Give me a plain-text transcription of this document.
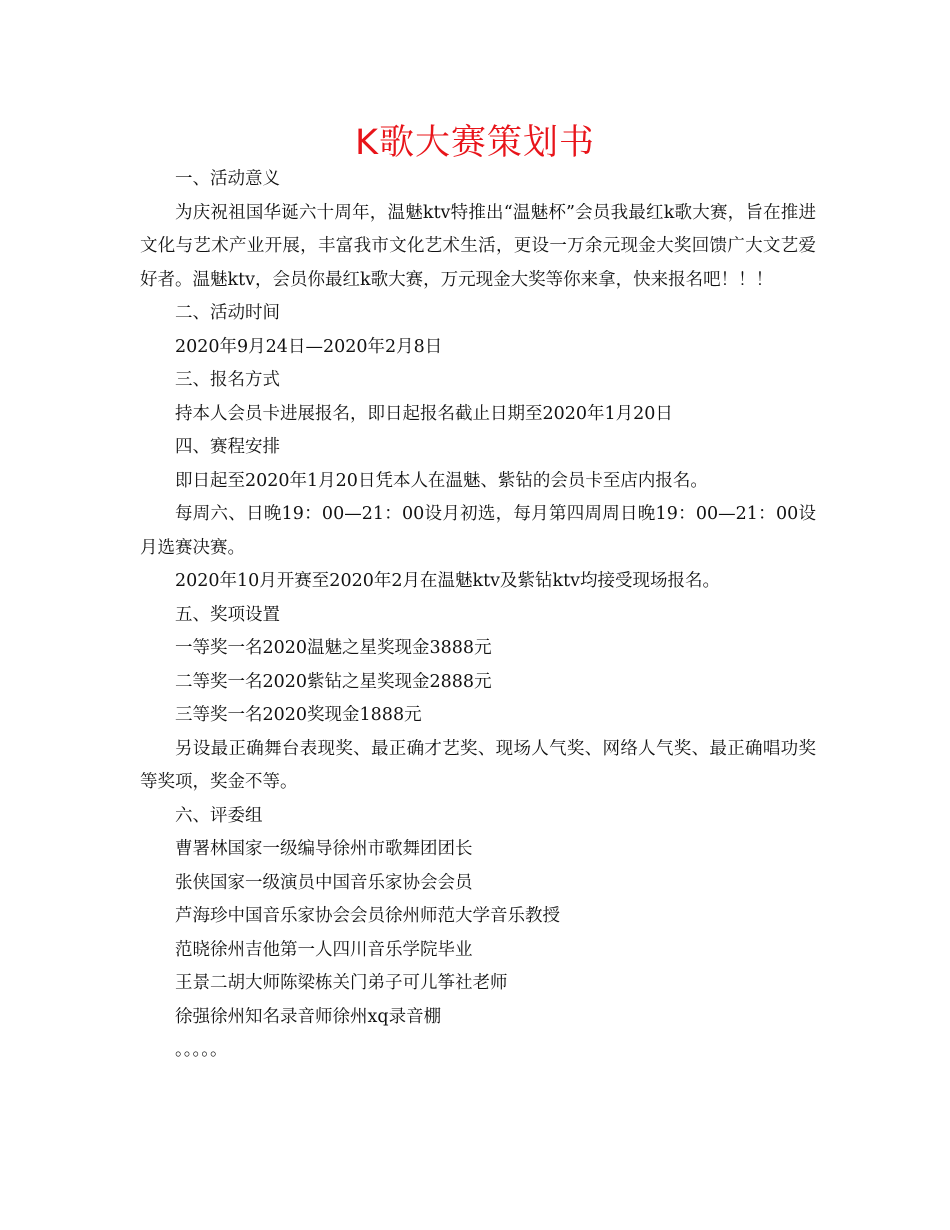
K歌大赛策划书

一、活动意义

为庆祝祖国华诞六十周年，温魅ktv特推出“温魅杯”会员我最红k歌大赛，旨在推进文化与艺术产业开展，丰富我市文化艺术生活，更设一万余元现金大奖回馈广大文艺爱好者。温魅ktv，会员你最红k歌大赛，万元现金大奖等你来拿，快来报名吧！！！

二、活动时间

2020年9月24日—2020年2月8日

三、报名方式

持本人会员卡进展报名，即日起报名截止日期至2020年1月20日

四、赛程安排

即日起至2020年1月20日凭本人在温魅、紫钻的会员卡至店内报名。

每周六、日晚19：00—21：00设月初选，每月第四周周日晚19：00—21：00设月选赛决赛。

2020年10月开赛至2020年2月在温魅ktv及紫钻ktv均接受现场报名。

五、奖项设置

一等奖一名2020温魅之星奖现金3888元

二等奖一名2020紫钻之星奖现金2888元

三等奖一名2020奖现金1888元

另设最正确舞台表现奖、最正确才艺奖、现场人气奖、网络人气奖、最正确唱功奖等奖项，奖金不等。

六、评委组

曹署林国家一级编导徐州市歌舞团团长

张侠国家一级演员中国音乐家协会会员

芦海珍中国音乐家协会会员徐州师范大学音乐教授

范晓徐州吉他第一人四川音乐学院毕业

王景二胡大师陈梁栋关门弟子可儿筝社老师

徐强徐州知名录音师徐州xq录音棚

。。。。。
